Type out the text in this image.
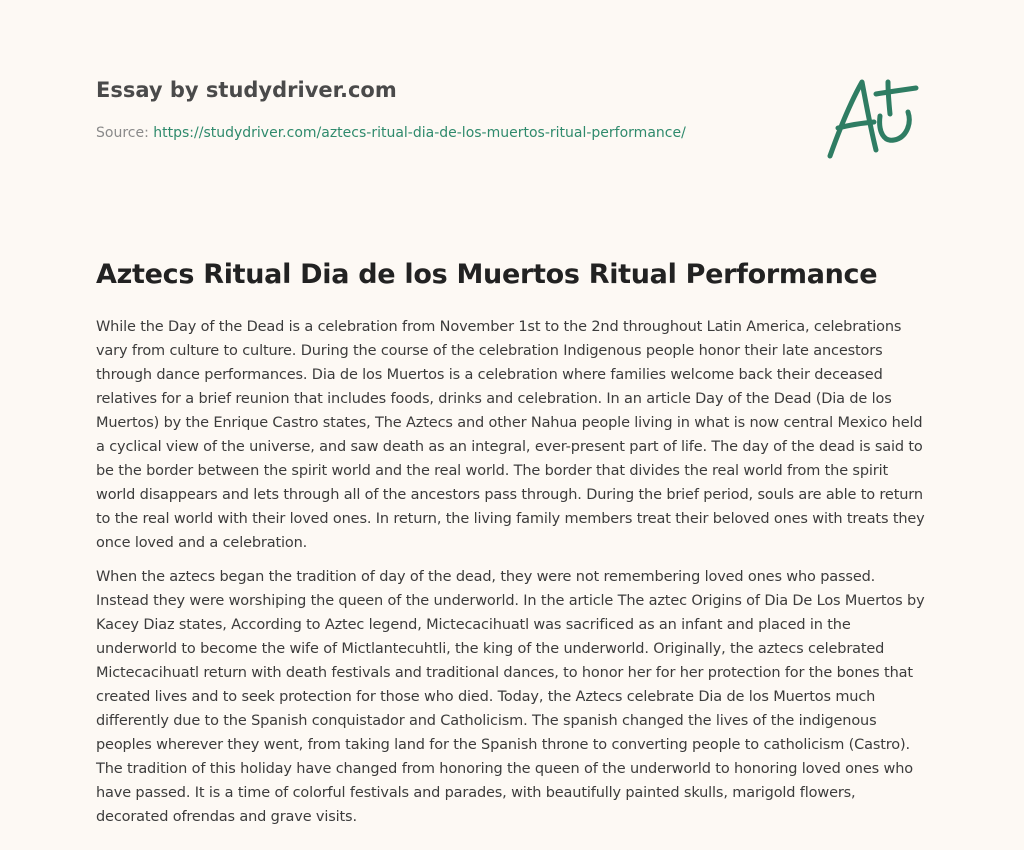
Essay by studydriver.com
Source: https://studydriver.com/aztecs-ritual-dia-de-los-muertos-ritual-performance/
Aztecs Ritual Dia de los Muertos Ritual Performance

While the Day of the Dead is a celebration from November 1st to the 2nd throughout Latin America, celebrations vary from culture to culture. During the course of the celebration Indigenous people honor their late ancestors through dance performances. Dia de los Muertos is a celebration where families welcome back their deceased relatives for a brief reunion that includes foods, drinks and celebration. In an article Day of the Dead (Dia de los Muertos) by the Enrique Castro states, The Aztecs and other Nahua people living in what is now central Mexico held a cyclical view of the universe, and saw death as an integral, ever-present part of life. The day of the dead is said to be the border between the spirit world and the real world. The border that divides the real world from the spirit world disappears and lets through all of the ancestors pass through. During the brief period, souls are able to return to the real world with their loved ones. In return, the living family members treat their beloved ones with treats they once loved and a celebration.

When the aztecs began the tradition of day of the dead, they were not remembering loved ones who passed. Instead they were worshiping the queen of the underworld. In the article The aztec Origins of Dia De Los Muertos by Kacey Diaz states, According to Aztec legend, Mictecacihuatl was sacrificed as an infant and placed in the underworld to become the wife of Mictlantecuhtli, the king of the underworld. Originally, the aztecs celebrated Mictecacihuatl return with death festivals and traditional dances, to honor her for her protection for the bones that created lives and to seek protection for those who died. Today, the Aztecs celebrate Dia de los Muertos much differently due to the Spanish conquistador and Catholicism. The spanish changed the lives of the indigenous peoples wherever they went, from taking land for the Spanish throne to converting people to catholicism (Castro). The tradition of this holiday have changed from honoring the queen of the underworld to honoring loved ones who have passed. It is a time of colorful festivals and parades, with beautifully painted skulls, marigold flowers, decorated ofrendas and grave visits.
